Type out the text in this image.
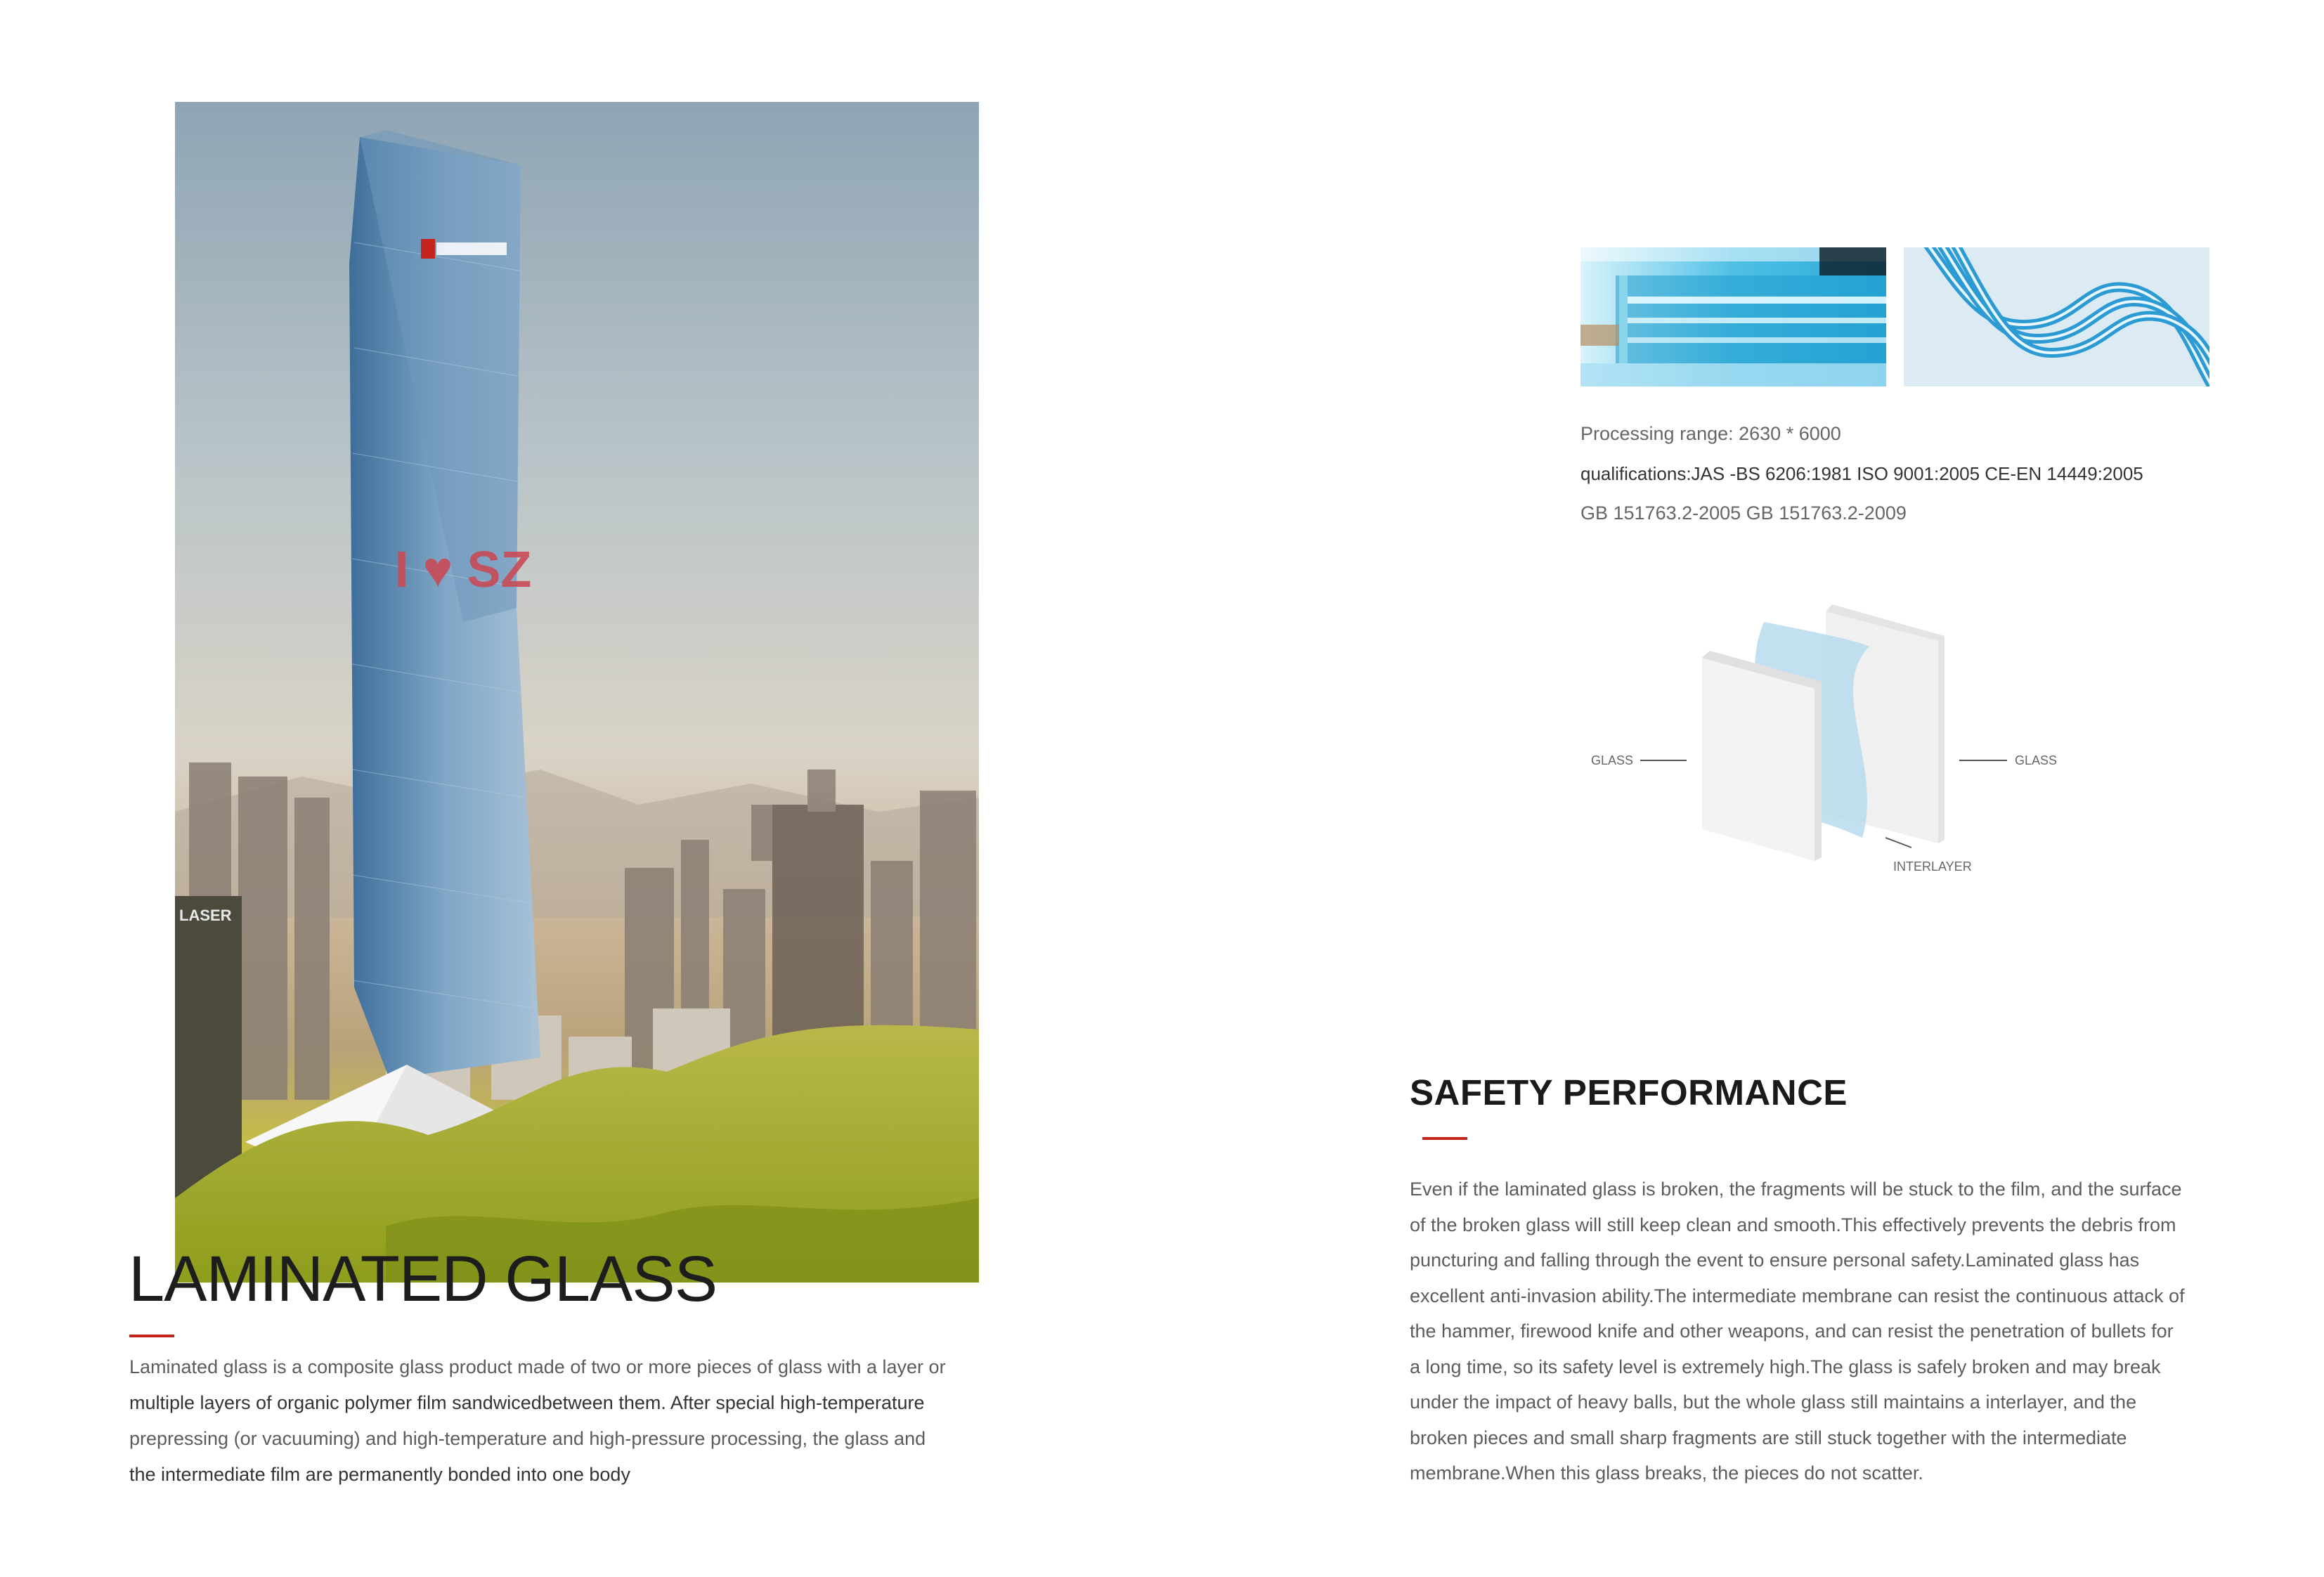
I ♥ SZ
LASER
LAMINATED GLASS

Laminated glass is a composite glass product made of two or more pieces of glass with a layer or

multiple layers of organic polymer film sandwicedbetween them. After special high-temperature

prepressing (or vacuuming) and high-temperature and high-pressure processing, the glass and

the intermediate film are permanently bonded into one body

Processing range: 2630 * 6000
qualifications:JAS -BS 6206:1981 ISO 9001:2005 CE-EN 14449:2005
GB 151763.2-2005 GB 151763.2-2009
GLASS	GLASS
INTERLAYER
SAFETY PERFORMANCE

Even if the laminated glass is broken, the fragments will be stuck to the film, and the surface

of the broken glass will still keep clean and smooth.This effectively prevents the debris from

puncturing and falling through the event to ensure personal safety.Laminated glass has

excellent anti-invasion ability.The intermediate membrane can resist the continuous attack of

the hammer, firewood knife and other weapons, and can resist the penetration of bullets for

a long time, so its safety level is extremely high.The glass is safely broken and may break

under the impact of heavy balls, but the whole glass still maintains a interlayer, and the

broken pieces and small sharp fragments are still stuck together with the intermediate

membrane.When this glass breaks, the pieces do not scatter.
